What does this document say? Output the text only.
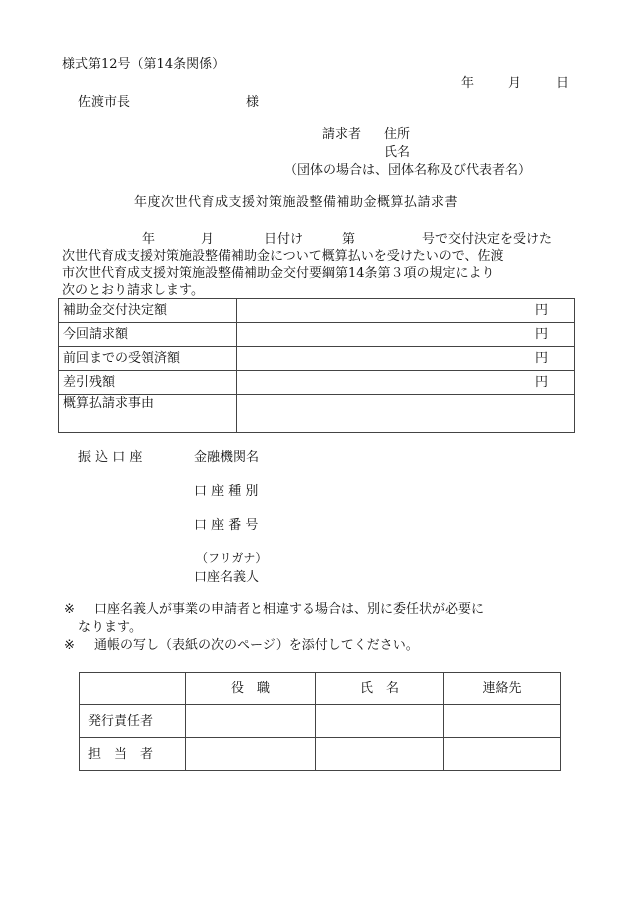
様式第12号（第14条関係）
年	月	日
佐渡市長	様
請求者 住所
氏名
（団体の場合は、団体名称及び代表者名）
年度次世代育成支援対策施設整備補助金概算払請求書
年	月	日付け	第	号で交付決定を受けた
次世代育成支援対策施設整備補助金について概算払いを受けたいので、佐渡
市次世代育成支援対策施設整備補助金交付要綱第14条第３項の規定により
次のとおり請求します。
補助金交付決定額	円
今回請求額	円
前回までの受領済額	円
差引残額	円
概算払請求事由	
振 込 口 座	金融機関名
口 座 種 別
口 座 番 号
（フリガナ）
口座名義人
※ 口座名義人が事業の申請者と相違する場合は、別に委任状が必要に
なります。
※ 通帳の写し（表紙の次のページ）を添付してください。
	役　職	氏　名	連絡先
発行責任者			
担　当　者			
